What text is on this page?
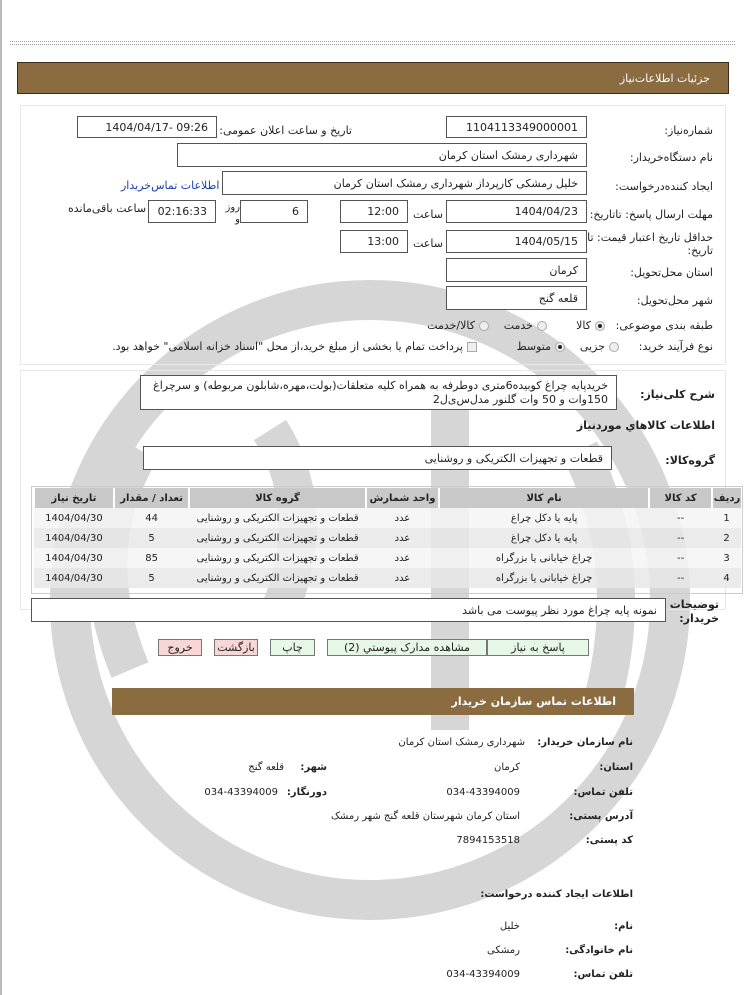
جزئیات اطلاعات‌نیاز
شماره‌نیاز:
1104113349000001
تاریخ و ساعت اعلان عمومی:
1404/04/17- 09:26
نام دستگاه‌خریدار:
شهرداری رمشک استان کرمان
ایجاد کننده‌درخواست:
خلیل رمشکی کارپرداز شهرداری رمشک استان کرمان
اطلاعات تماس‌خریدار
مهلت ارسال پاسخ: تاتاریخ:
1404/04/23
ساعت
12:00
6
روز و
02:16:33
ساعت باقی‌مانده
حداقل تاریخ اعتبار قیمت: تا تاریخ:
1404/05/15
ساعت
13:00
استان محل‌تحویل:
کرمان
شهر محل‌تحویل:
قلعه گنج
طبقه بندی موضوعی:
کالا
خدمت
کالا/خدمت
نوع فرآیند خرید:
جزیی
متوسط
پرداخت تمام یا بخشی از مبلغ خرید،از محل "اسناد خزانه اسلامی" خواهد بود.
شرح کلی‌نیاز:
خریدپایه چراغ کوبیده6متری دوطرفه به همراه کلیه متعلقات(بولت،مهره،شابلون مربوطه) و سرچراغ 150وات و 50 وات گلنور مدل‌س‌ی‌ل2
اطلاعات کالاهاي موردنیاز
گروه‌کالا:
قطعات و تجهیزات الکتریکی و روشنایی
ردیف	کد کالا	نام کالا	واحد شمارش	گروه کالا	تعداد / مقدار	تاریخ نیاز
1	--	پایه یا دکل چراغ	عدد	قطعات و تجهیزات الکتریکی و روشنایی	44	1404/04/30
2	--	پایه یا دکل چراغ	عدد	قطعات و تجهیزات الکتریکی و روشنایی	5	1404/04/30
3	--	چراغ خیابانی یا بزرگراه	عدد	قطعات و تجهیزات الکتریکی و روشنایی	85	1404/04/30
4	--	چراغ خیابانی یا بزرگراه	عدد	قطعات و تجهیزات الکتریکی و روشنایی	5	1404/04/30
توضیحات خریدار:
نمونه پایه چراغ مورد نظر پیوست می باشد
پاسخ به نیاز
مشاهده مدارک پیوستي (2)
چاپ
بازگشت
خروج
اطلاعات تماس سازمان خریدار
نام سازمان خریدار:
شهرداری رمشک استان کرمان
استان:
کرمان
شهر:
قلعه گنج
تلفن تماس:
034-43394009
دورنگار:
034-43394009
آدرس پستی:
استان کرمان شهرستان قلعه گنج شهر رمشک
کد پستی:
7894153518
اطلاعات ایجاد کننده درخواست:
نام:
خلیل
نام خانوادگی:
رمشکی
تلفن تماس:
034-43394009
